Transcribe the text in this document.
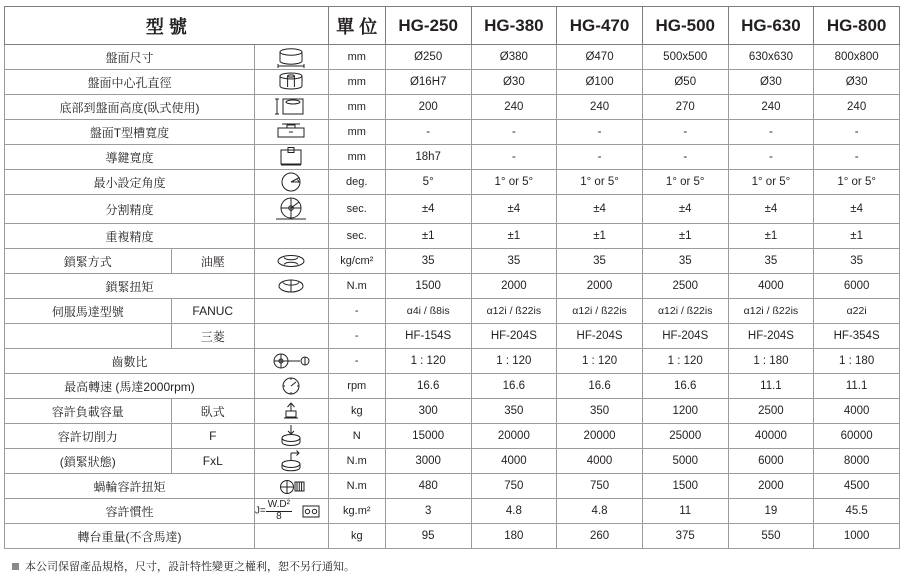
型 號			單 位	HG-250	HG-380	HG-470	HG-500	HG-630	HG-800
盤面尺寸			mm	Ø250	Ø380	Ø470	500x500	630x630	800x800
盤面中心孔直徑			mm	Ø16H7	Ø30	Ø100	Ø50	Ø30	Ø30
底部到盤面高度(臥式使用)			mm	200	240	240	270	240	240
盤面T型槽寬度			mm	-	-	-	-	-	-
導鍵寬度			mm	18h7	-	-	-	-	-
最小設定角度			deg.	5°	1° or 5°	1° or 5°	1° or 5°	1° or 5°	1° or 5°
分割精度			sec.	±4	±4	±4	±4	±4	±4
重複精度			sec.	±1	±1	±1	±1	±1	±1
鎖緊方式	油壓		kg/cm²	35	35	35	35	35	35
鎖緊扭矩			N.m	1500	2000	2000	2500	4000	6000
伺服馬達型號	FANUC		-	α4i / ß8is	α12i / ß22is	α12i / ß22is	α12i / ß22is	α12i / ß22is	α22i
	三菱		-	HF-154S	HF-204S	HF-204S	HF-204S	HF-204S	HF-354S
齒數比			-	1 : 120	1 : 120	1 : 120	1 : 120	1 : 180	1 : 180
最高轉速 (馬達2000rpm)			rpm	16.6	16.6	16.6	16.6	11.1	11.1
容許負載容量	臥式		kg	300	350	350	1200	2500	4000
容許切削力	F		N	15000	20000	20000	25000	40000	60000
(鎖緊狀態)	FxL		N.m	3000	4000	4000	5000	6000	8000
蝸輪容許扭矩			N.m	480	750	750	1500	2000	4500
容許慣性		$J= \frac{\text{W.D²}}{8}$	kg.m²	3	4.8	4.8	11	19	45.5
轉台重量(不含馬達)			kg	95	180	260	375	550	1000
本公司保留產品規格，尺寸，設計特性變更之權利，恕不另行通知。
